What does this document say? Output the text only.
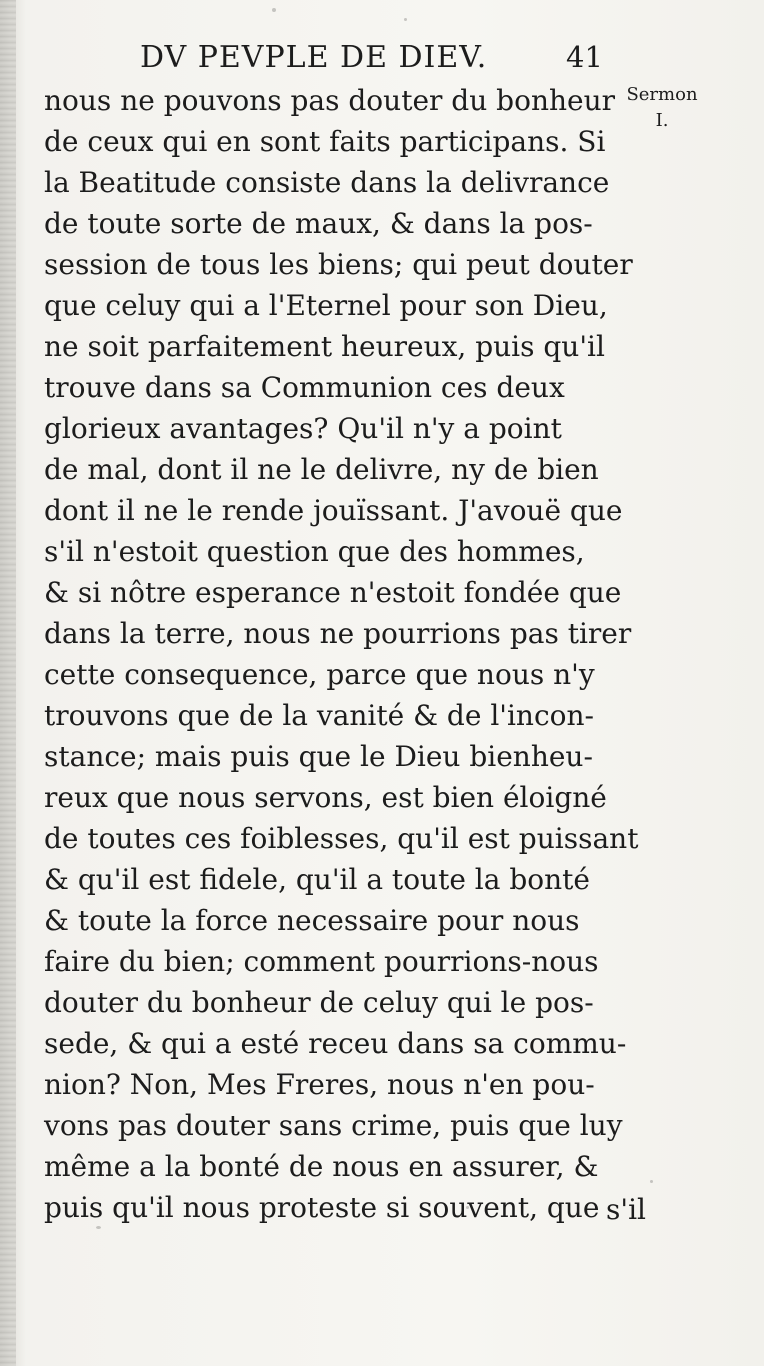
DV PEVPLE DE DIEV.	41
Sermon
I.
nous ne pouvons pas douter du bonheur
de ceux qui en sont faits participans. Si
la Beatitude consiste dans la delivrance
de toute sorte de maux, & dans la pos-
session de tous les biens; qui peut douter
que celuy qui a l'Eternel pour son Dieu,
ne soit parfaitement heureux, puis qu'il
trouve dans sa Communion ces deux
glorieux avantages? Qu'il n'y a point
de mal, dont il ne le delivre, ny de bien
dont il ne le rende jouïssant. J'avouë que
s'il n'estoit question que des hommes,
& si nôtre esperance n'estoit fondée que
dans la terre, nous ne pourrions pas tirer
cette consequence, parce que nous n'y
trouvons que de la vanité & de l'incon-
stance; mais puis que le Dieu bienheu-
reux que nous servons, est bien éloigné
de toutes ces foiblesses, qu'il est puissant
& qu'il est fidele, qu'il a toute la bonté
& toute la force necessaire pour nous
faire du bien; comment pourrions-nous
douter du bonheur de celuy qui le pos-
sede, & qui a esté receu dans sa commu-
nion? Non, Mes Freres, nous n'en pou-
vons pas douter sans crime, puis que luy
même a la bonté de nous en assurer, &
puis qu'il nous proteste si souvent, que s'il
